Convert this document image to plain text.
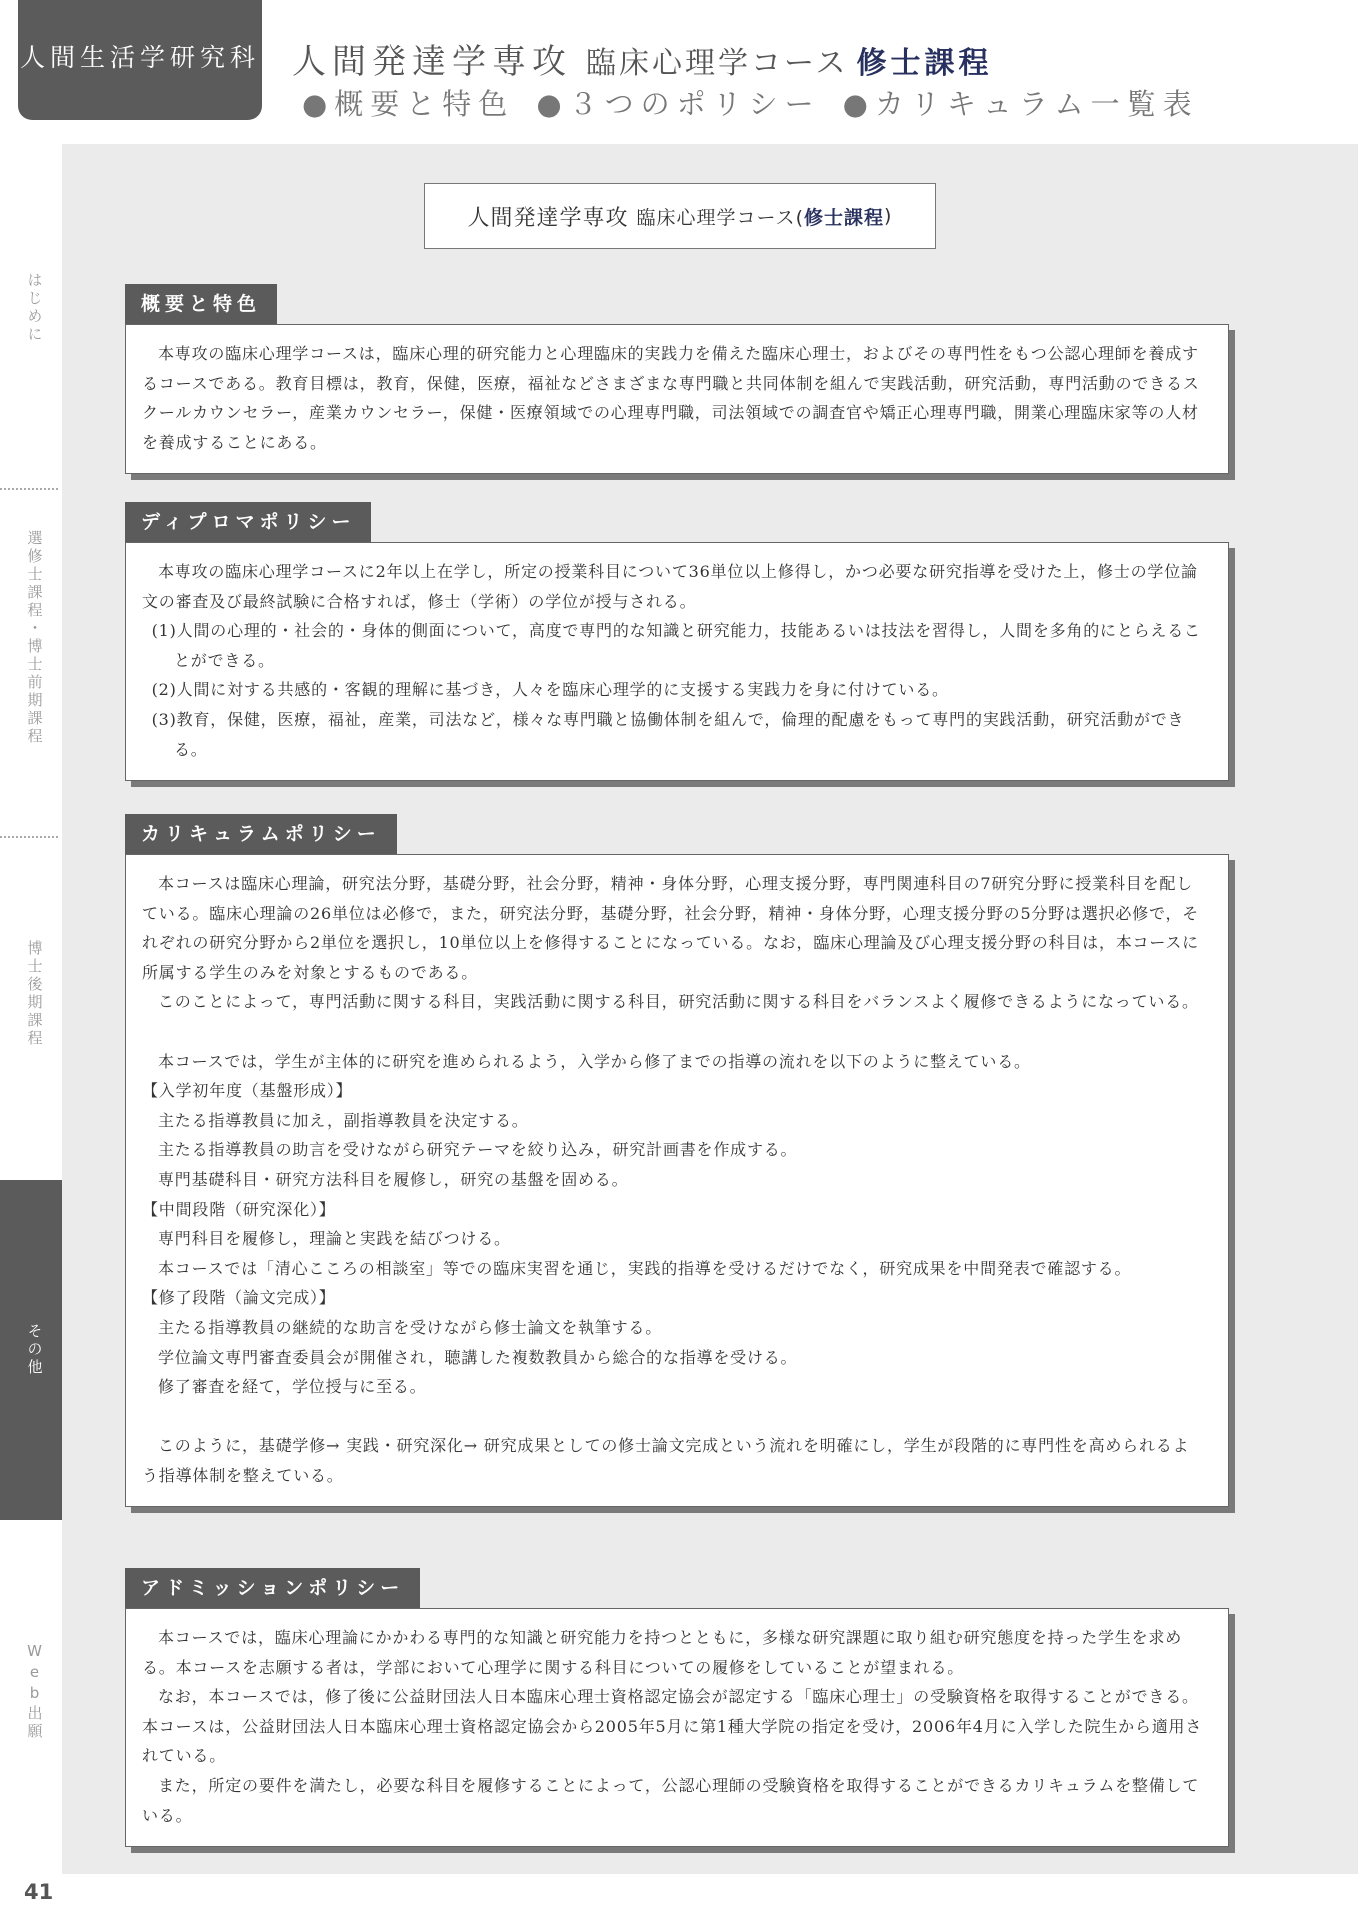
人間生活学研究科 人間発達学専攻 臨床心理学コース 修士課程
●概要と特色 ●３つのポリシー ●カリキュラム一覧表
はじめに
選修士課程・博士前期課程
博士後期課程
その他
Web出願
41
人間発達学専攻
臨床心理学コース( 修士課程 )
概要と特色

本専攻の臨床心理学コースは，臨床心理的研究能力と心理臨床的実践力を備えた臨床心理士，およびその専門性をもつ公認心理師を養成するコースである。教育目標は，教育，保健，医療，福祉などさまざまな専門職と共同体制を組んで実践活動，研究活動，専門活動のできるスクールカウンセラー，産業カウンセラー，保健・医療領域での心理専門職，司法領域での調査官や矯正心理専門職，開業心理臨床家等の人材を養成することにある。

ディプロマポリシー

本専攻の臨床心理学コースに2年以上在学し，所定の授業科目について36単位以上修得し，かつ必要な研究指導を受けた上，修士の学位論文の審査及び最終試験に合格すれば，修士（学術）の学位が授与される。

(1)人間の心理的・社会的・身体的側面について，高度で専門的な知識と研究能力，技能あるいは技法を習得し，人間を多角的にとらえることができる。

(2)人間に対する共感的・客観的理解に基づき，人々を臨床心理学的に支援する実践力を身に付けている。

(3)教育，保健，医療，福祉，産業，司法など，様々な専門職と協働体制を組んで，倫理的配慮をもって専門的実践活動，研究活動ができる。

カリキュラムポリシー

本コースは臨床心理論，研究法分野，基礎分野，社会分野，精神・身体分野，心理支援分野，専門関連科目の7研究分野に授業科目を配している。臨床心理論の26単位は必修で，また，研究法分野，基礎分野，社会分野，精神・身体分野，心理支援分野の5分野は選択必修で，それぞれの研究分野から2単位を選択し，10単位以上を修得することになっている。なお，臨床心理論及び心理支援分野の科目は，本コースに所属する学生のみを対象とするものである。

このことによって，専門活動に関する科目，実践活動に関する科目，研究活動に関する科目をバランスよく履修できるようになっている。

本コースでは，学生が主体的に研究を進められるよう，入学から修了までの指導の流れを以下のように整えている。

【入学初年度（基盤形成）】

主たる指導教員に加え，副指導教員を決定する。

主たる指導教員の助言を受けながら研究テーマを絞り込み，研究計画書を作成する。

専門基礎科目・研究方法科目を履修し，研究の基盤を固める。

【中間段階（研究深化）】

専門科目を履修し，理論と実践を結びつける。

本コースでは「清心こころの相談室」等での臨床実習を通じ，実践的指導を受けるだけでなく，研究成果を中間発表で確認する。

【修了段階（論文完成）】

主たる指導教員の継続的な助言を受けながら修士論文を執筆する。

学位論文専門審査委員会が開催され，聴講した複数教員から総合的な指導を受ける。

修了審査を経て，学位授与に至る。

このように，基礎学修→ 実践・研究深化→ 研究成果としての修士論文完成という流れを明確にし，学生が段階的に専門性を高められるよう指導体制を整えている。

アドミッションポリシー

本コースでは，臨床心理論にかかわる専門的な知識と研究能力を持つとともに，多様な研究課題に取り組む研究態度を持った学生を求める。本コースを志願する者は，学部において心理学に関する科目についての履修をしていることが望まれる。

なお，本コースでは，修了後に公益財団法人日本臨床心理士資格認定協会が認定する「臨床心理士」の受験資格を取得することができる。本コースは，公益財団法人日本臨床心理士資格認定協会から2005年5月に第1種大学院の指定を受け，2006年4月に入学した院生から適用されている。

また，所定の要件を満たし，必要な科目を履修することによって，公認心理師の受験資格を取得することができるカリキュラムを整備している。
